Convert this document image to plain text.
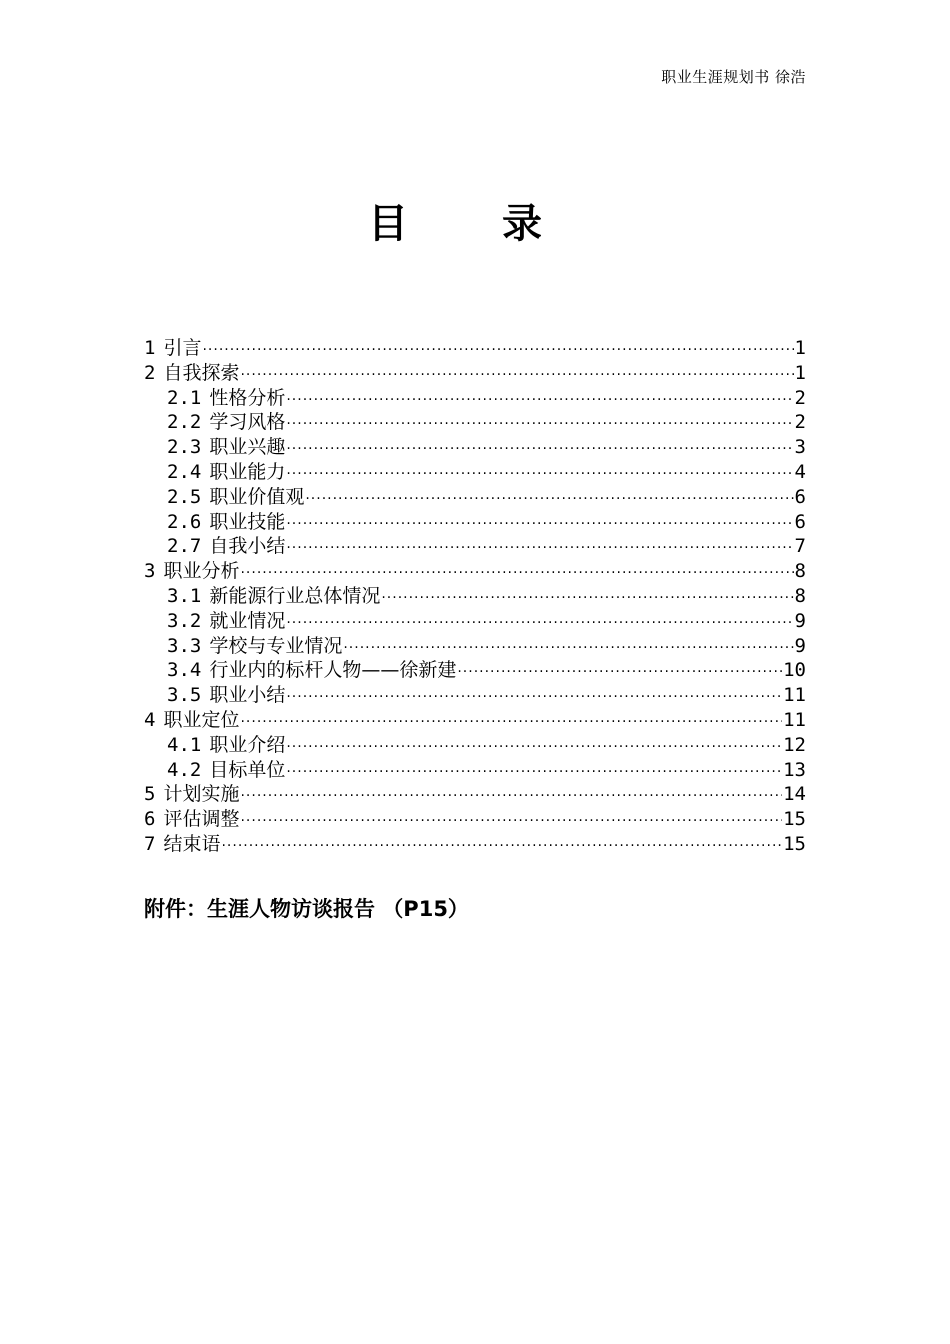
职业生涯规划书 徐浩
目 录
1 引言 ·····	1
2 自我探索 ·····	1
2.1 性格分析 ·····	2
2.2 学习风格 ·····	2
2.3 职业兴趣 ·····	3
2.4 职业能力 ·····	4
2.5 职业价值观 ·····	6
2.6 职业技能 ·····	6
2.7 自我小结 ·····	7
3 职业分析 ·····	8
3.1 新能源行业总体情况 ·····	8
3.2 就业情况 ·····	9
3.3 学校与专业情况 ·····	9
3.4 行业内的标杆人物——徐新建 ·····	10
3.5 职业小结 ·····	11
4 职业定位 ·····	11
4.1 职业介绍 ·····	12
4.2 目标单位 ·····	13
5 计划实施 ·····	14
6 评估调整 ·····	15
7 结束语 ·····	15
附件：生涯人物访谈报告 （P15）
